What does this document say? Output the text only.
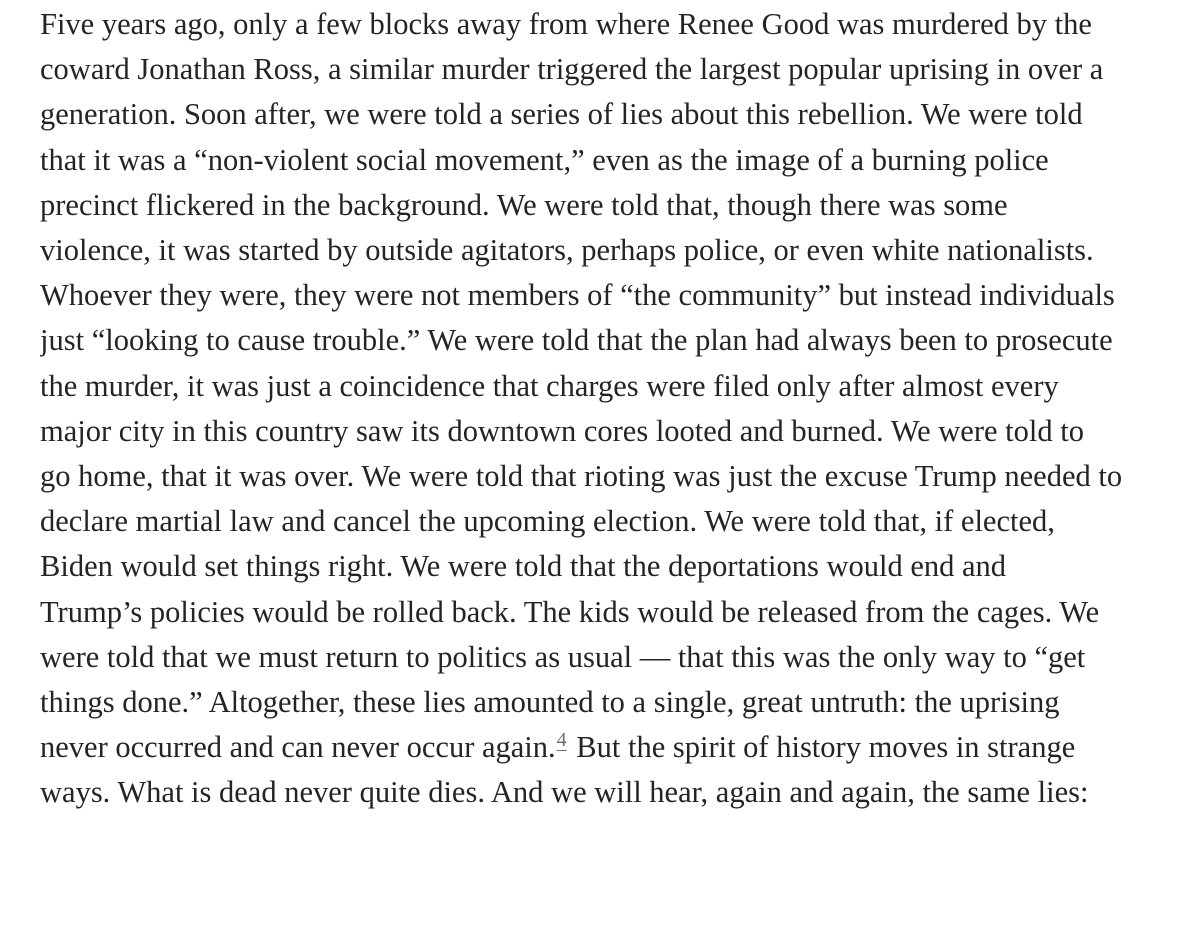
Five years ago, only a few blocks away from where Renee Good was murdered by the
coward Jonathan Ross, a similar murder triggered the largest popular uprising in over a
generation. Soon after, we were told a series of lies about this rebellion. We were told
that it was a “non-violent social movement,” even as the image of a burning police
precinct flickered in the background. We were told that, though there was some
violence, it was started by outside agitators, perhaps police, or even white nationalists.
Whoever they were, they were not members of “the community” but instead individuals
just “looking to cause trouble.” We were told that the plan had always been to prosecute
the murder, it was just a coincidence that charges were filed only after almost every
major city in this country saw its downtown cores looted and burned. We were told to
go home, that it was over. We were told that rioting was just the excuse Trump needed to
declare martial law and cancel the upcoming election. We were told that, if elected,
Biden would set things right. We were told that the deportations would end and
Trump’s policies would be rolled back. The kids would be released from the cages. We
were told that we must return to politics as usual — that this was the only way to “get
things done.” Altogether, these lies amounted to a single, great untruth: the uprising
never occurred and can never occur again.$^4$ But the spirit of history moves in strange
ways. What is dead never quite dies. And we will hear, again and again, the same lies:
